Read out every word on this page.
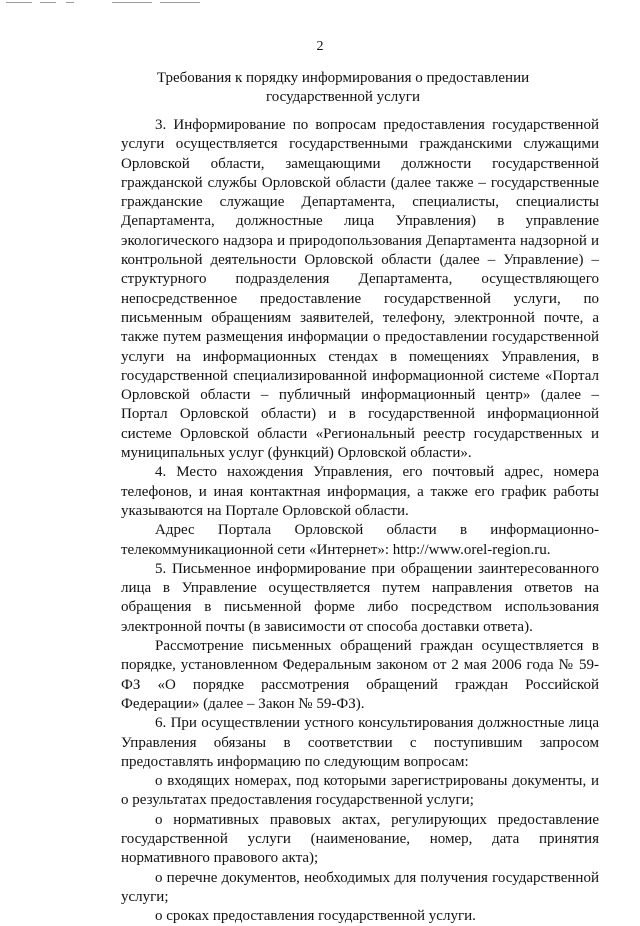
2
Требования к порядку информирования о предоставлении государственной услуги

3. Информирование по вопросам предоставления государственной услуги осуществляется государственными гражданскими служащими Орловской области, замещающими должности государственной гражданской службы Орловской области (далее также – государственные гражданские служащие Департамента, специалисты, специалисты Департамента, должностные лица Управления) в управление экологического надзора и природопользования Департамента надзорной и контрольной деятельности Орловской области (далее – Управление) – структурного подразделения Департамента, осуществляющего непосредственное предоставление государственной услуги, по письменным обращениям заявителей, телефону, электронной почте, а также путем размещения информации о предоставлении государственной услуги на информационных стендах в помещениях Управления, в государственной специализированной информационной системе «Портал Орловской области – публичный информационный центр» (далее – Портал Орловской области) и в государственной информационной системе Орловской области «Региональный реестр государственных и муниципальных услуг (функций) Орловской области».

4. Место нахождения Управления, его почтовый адрес, номера телефонов, и иная контактная информация, а также его график работы указываются на Портале Орловской области.

Адрес Портала Орловской области в информационно-телекоммуникационной сети «Интернет»: http://www.orel-region.ru.

5. Письменное информирование при обращении заинтересованного лица в Управление осуществляется путем направления ответов на обращения в письменной форме либо посредством использования электронной почты (в зависимости от способа доставки ответа).

Рассмотрение письменных обращений граждан осуществляется в порядке, установленном Федеральным законом от 2 мая 2006 года № 59-ФЗ «О порядке рассмотрения обращений граждан Российской Федерации» (далее – Закон № 59-ФЗ).

6. При осуществлении устного консультирования должностные лица Управления обязаны в соответствии с поступившим запросом предоставлять информацию по следующим вопросам:

о входящих номерах, под которыми зарегистрированы документы, и о результатах предоставления государственной услуги;

о нормативных правовых актах, регулирующих предоставление государственной услуги (наименование, номер, дата принятия нормативного правового акта);

о перечне документов, необходимых для получения государственной услуги;

о сроках предоставления государственной услуги.
